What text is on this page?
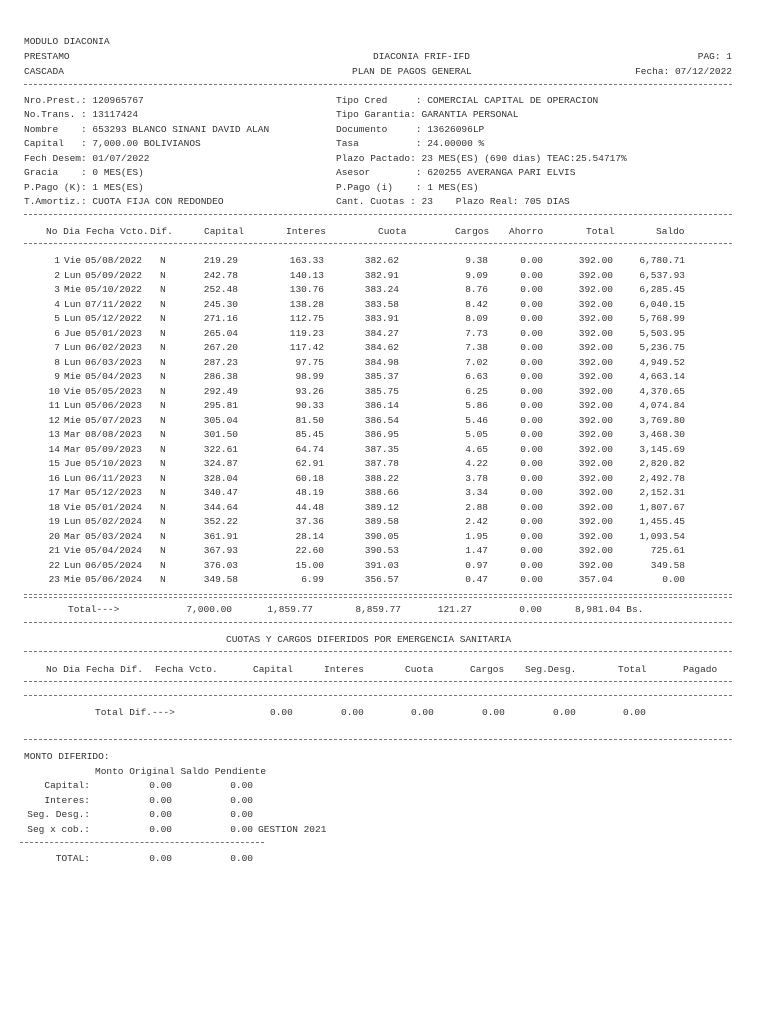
MODULO DIACONIA
PRESTAMO
CASCADA
DIACONIA FRIF-IFD
PLAN DE PAGOS GENERAL
PAG: 1
Fecha: 07/12/2022
Nro.Prest.: 120965767
No.Trans. : 13117424
Nombre    : 653293 BLANCO SINANI DAVID ALAN
Capital   : 7,000.00 BOLIVIANOS
Fech Desem: 01/07/2022
Gracia    : 0 MES(ES)
P.Pago (K): 1 MES(ES)
T.Amortiz.: CUOTA FIJA CON REDONDEO
Tipo Cred     : COMERCIAL CAPITAL DE OPERACION
Tipo Garantia: GARANTIA PERSONAL
Documento     : 13626096LP
Tasa          : 24.00000 %
Plazo Pactado: 23 MES(ES) (690 dias) TEAC:25.54717%
Asesor        : 620255 AVERANGA PARI ELVIS
P.Pago (i)    : 1 MES(ES)
Cant. Cuotas : 23    Plazo Real: 705 DIAS
No Dia Fecha Vcto. Dif.	Capital	Interes	Cuota	Cargos Ahorro	Total	Saldo
1 Vie 05/08/2022 N	219.29	163.33	382.62	9.38	0.00	392.00	6,780.71
2 Lun 05/09/2022 N	242.78	140.13	382.91	9.09	0.00	392.00	6,537.93
3 Mie 05/10/2022 N	252.48	130.76	383.24	8.76	0.00	392.00	6,285.45
4 Lun 07/11/2022 N	245.30	138.28	383.58	8.42	0.00	392.00	6,040.15
5 Lun 05/12/2022 N	271.16	112.75	383.91	8.09	0.00	392.00	5,768.99
6 Jue 05/01/2023 N	265.04	119.23	384.27	7.73	0.00	392.00	5,503.95
7 Lun 06/02/2023 N	267.20	117.42	384.62	7.38	0.00	392.00	5,236.75
8 Lun 06/03/2023 N	287.23	97.75	384.98	7.02	0.00	392.00	4,949.52
9 Mie 05/04/2023 N	286.38	98.99	385.37	6.63	0.00	392.00	4,663.14
10 Vie 05/05/2023 N	292.49	93.26	385.75	6.25	0.00	392.00	4,370.65
11 Lun 05/06/2023 N	295.81	90.33	386.14	5.86	0.00	392.00	4,074.84
12 Mie 05/07/2023 N	305.04	81.50	386.54	5.46	0.00	392.00	3,769.80
13 Mar 08/08/2023 N	301.50	85.45	386.95	5.05	0.00	392.00	3,468.30
14 Mar 05/09/2023 N	322.61	64.74	387.35	4.65	0.00	392.00	3,145.69
15 Jue 05/10/2023 N	324.87	62.91	387.78	4.22	0.00	392.00	2,820.82
16 Lun 06/11/2023 N	328.04	60.18	388.22	3.78	0.00	392.00	2,492.78
17 Mar 05/12/2023 N	340.47	48.19	388.66	3.34	0.00	392.00	2,152.31
18 Vie 05/01/2024 N	344.64	44.48	389.12	2.88	0.00	392.00	1,807.67
19 Lun 05/02/2024 N	352.22	37.36	389.58	2.42	0.00	392.00	1,455.45
20 Mar 05/03/2024 N	361.91	28.14	390.05	1.95	0.00	392.00	1,093.54
21 Vie 05/04/2024 N	367.93	22.60	390.53	1.47	0.00	392.00	725.61
22 Lun 06/05/2024 N	376.03	15.00	391.03	0.97	0.00	392.00	349.58
23 Mie 05/06/2024 N	349.58	6.99	356.57	0.47	0.00	357.04	0.00
Total--->	7,000.00	1,859.77	8,859.77	121.27	0.00	8,981.04 Bs.
CUOTAS Y CARGOS DIFERIDOS POR EMERGENCIA SANITARIA
No Dia Fecha Dif. Fecha Vcto.	Capital	Interes	Cuota	Cargos Seg.Desg.	Total	Pagado
Total Dif.--->	0.00	0.00	0.00	0.00	0.00	0.00
MONTO DIFERIDO:
Monto Original Saldo Pendiente
Capital:	0.00	0.00
Interes:	0.00	0.00
Seg. Desg.:	0.00	0.00
Seg x cob.:	0.00	0.00 GESTION 2021
TOTAL:	0.00	0.00
